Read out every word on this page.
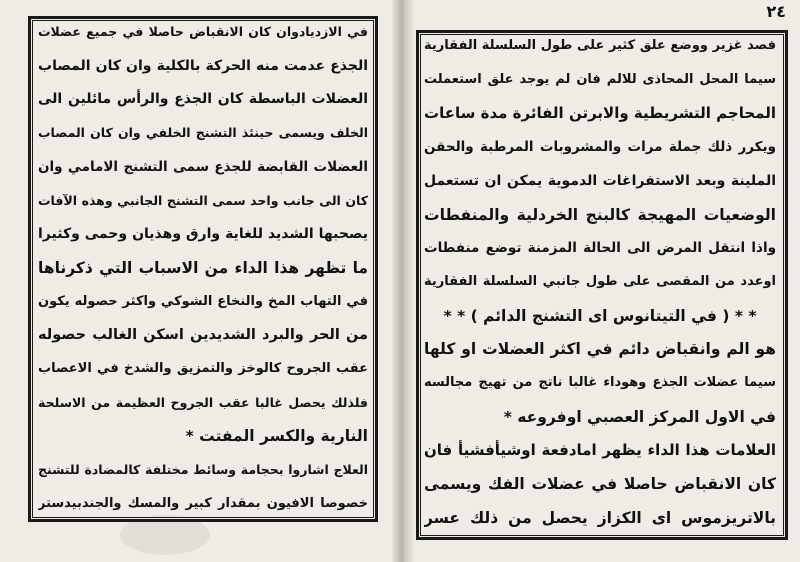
في الازديادوان كان الانقباض حاصلا في جميع عضلات
الجذع عدمت منه الحركة بالكلية وان كان المصاب
العضلات الباسطة كان الجذع والرأس مائلين الى
الخلف ويسمى حينئذ التشنج الخلفي وان كان المصاب
العضلات القابضة للجذع سمى التشنج الامامي وان
كان الى جانب واحد سمى التشنج الجانبي وهذه الآفات
يصحبها الشديد للغاية وارق وهذيان وحمى وكثيرا
ما تظهر هذا الداء من الاسباب التي ذكرناها
في التهاب المخ والنخاع الشوكي واكثر حصوله يكون
من الحر والبرد الشديدين اسكن الغالب حصوله
عقب الجروح كالوخز والتمزيق والشدخ في الاعصاب
فلذلك يحصل غالبا عقب الجروح العظيمة من الاسلحة
النارية والكسر المفتت *
العلاج اشاروا بحجامة وسائط مختلفة كالمضادة للتشنج
خصوصا الافيون بمقدار كبير والمسك والجندبيدستر
٢٤
فصد غزير ووضع علق كثير على طول السلسلة الفقارية
سيما المحل المحاذى للالم فان لم يوجد علق استعملت
المحاجم التشريطية والابرتن الفائرة مدة ساعات
ويكرر ذلك جملة مرات والمشروبات المرطبة والحقن
الملينة وبعد الاستفراغات الدموية يمكن ان تستعمل
الوضعيات المهيجة كالبنج الخردلية والمنفطات
واذا انتقل المرض الى الحالة المزمنة توضع منفطات
اوعدد من المقصى على طول جانبي السلسلة الفقارية
* * ( في التيتانوس اى التشنج الدائم ) * *
هو الم وانقباض دائم في اكثر العضلات او كلها
سيما عضلات الجذع وهوداء غالبا ناتج من تهيج مجالسه
في الاول المركز العصبي اوفروعه *
العلامات هذا الداء يظهر امادفعة اوشيأفشيأ فان
كان الانقباض حاصلا في عضلات الفك ويسمى
بالاتريزموس اى الكزاز يحصل من ذلك عسر
